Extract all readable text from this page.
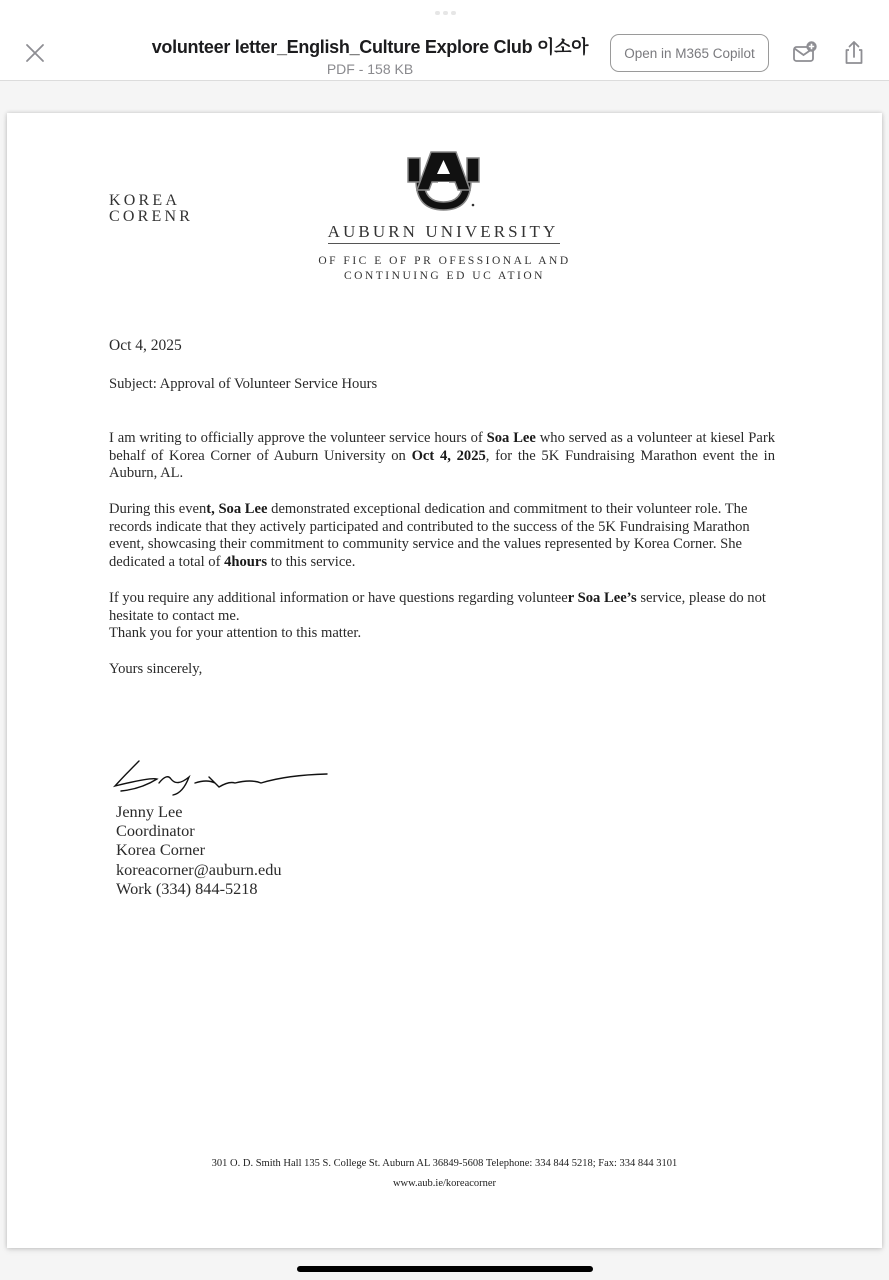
volunteer letter_English_Culture Explore Club 이소아
PDF - 158 KB
Open in M365 Copilot
KOREA
CORENR
AUBURN UNIVERSITY
OF FIC E OF PR OFESSIONAL AND
CONTINUING ED UC ATION
Oct 4, 2025
Subject: Approval of Volunteer Service Hours
I am writing to officially approve the volunteer service hours of Soa Lee who served as a volunteer at kiesel Park behalf of Korea Corner of Auburn University on Oct 4, 2025, for the 5K Fundraising Marathon event the in Auburn, AL.
During this event, Soa Lee demonstrated exceptional dedication and commitment to their volunteer role. The records indicate that they actively participated and contributed to the success of the 5K Fundraising Marathon event, showcasing their commitment to community service and the values represented by Korea Corner. She dedicated a total of 4hours to this service.
If you require any additional information or have questions regarding volunteer Soa Lee’s service, please do not hesitate to contact me.
Thank you for your attention to this matter.
Yours sincerely,
Jenny Lee
Coordinator
Korea Corner
koreacorner@auburn.edu
Work (334) 844-5218
301 O. D. Smith Hall 135 S. College St. Auburn AL 36849-5608 Telephone: 334 844 5218; Fax: 334 844 3101
www.aub.ie/koreacorner
